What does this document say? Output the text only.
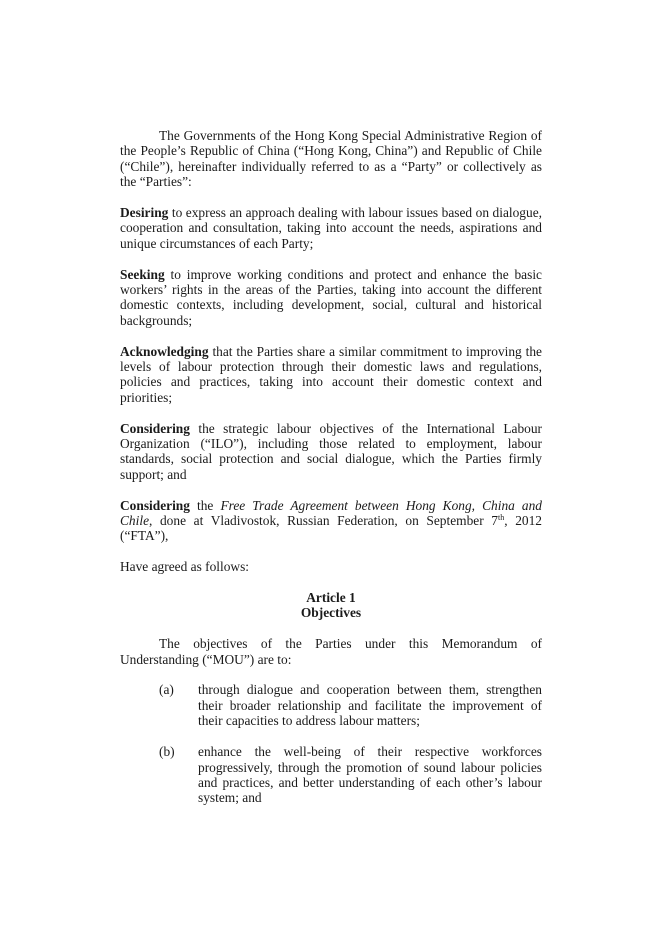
The Governments of the Hong Kong Special Administrative Region of the People’s Republic of China (“Hong Kong, China”) and Republic of Chile (“Chile”), hereinafter individually referred to as a “Party” or collectively as the “Parties”:

Desiring to express an approach dealing with labour issues based on dialogue, cooperation and consultation, taking into account the needs, aspirations and unique circumstances of each Party;

Seeking to improve working conditions and protect and enhance the basic workers’ rights in the areas of the Parties, taking into account the different domestic contexts, including development, social, cultural and historical backgrounds;

Acknowledging that the Parties share a similar commitment to improving the levels of labour protection through their domestic laws and regulations, policies and practices, taking into account their domestic context and priorities;

Considering the strategic labour objectives of the International Labour Organization (“ILO”), including those related to employment, labour standards, social protection and social dialogue, which the Parties firmly support; and

Considering the Free Trade Agreement between Hong Kong, China and Chile, done at Vladivostok, Russian Federation, on September 7th, 2012 (“FTA”),

Have agreed as follows:

Article 1

Objectives

The objectives of the Parties under this Memorandum of Understanding (“MOU”) are to:

(a)	through dialogue and cooperation between them, strengthen their broader relationship and facilitate the improvement of their capacities to address labour matters;
(b)	enhance the well-being of their respective workforces progressively, through the promotion of sound labour policies and practices, and better understanding of each other’s labour system; and
